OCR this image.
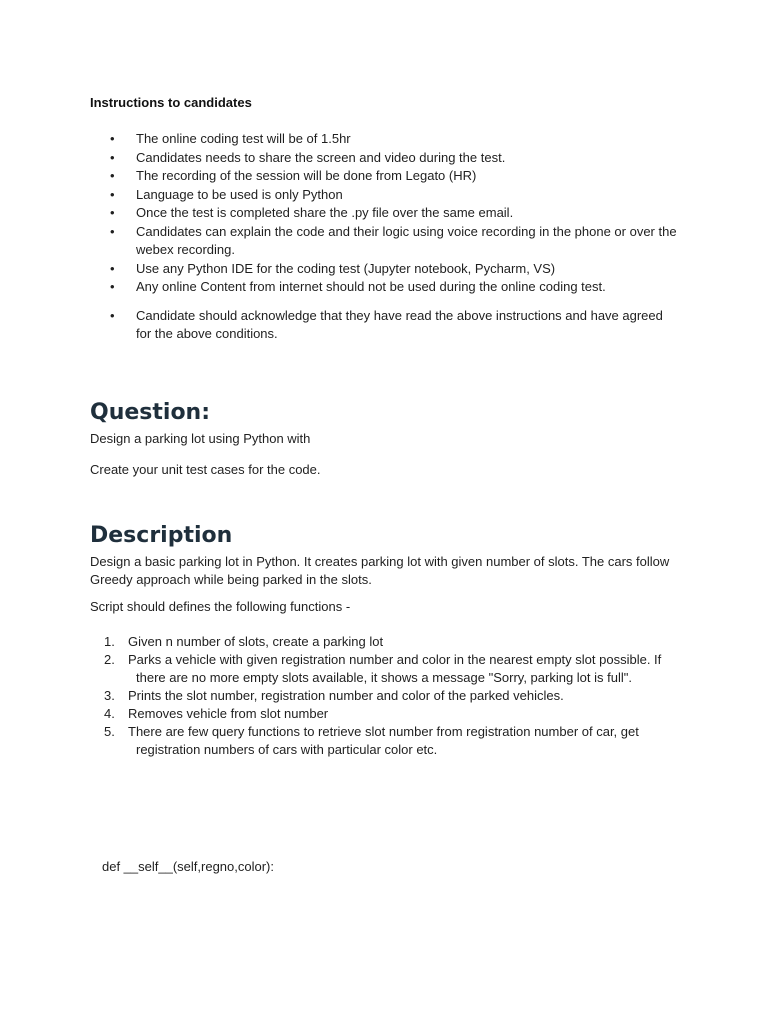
Instructions to candidates
• The online coding test will be of 1.5hr
• Candidates needs to share the screen and video during the test.
• The recording of the session will be done from Legato (HR)
• Language to be used is only Python
• Once the test is completed share the .py file over the same email.
• Candidates can explain the code and their logic using voice recording in the phone or over the webex recording.
• Use any Python IDE for the coding test (Jupyter notebook, Pycharm, VS)
• Any online Content from internet should not be used during the online coding test.
• Candidate should acknowledge that they have read the above instructions and have agreed for the above conditions.
Question:
Design a parking lot using Python with
Create your unit test cases for the code.
Description
Design a basic parking lot in Python. It creates parking lot with given number of slots. The cars follow Greedy approach while being parked in the slots.
Script should defines the following functions -
1. Given n number of slots, create a parking lot
2. Parks a vehicle with given registration number and color in the nearest empty slot possible. If there are no more empty slots available, it shows a message "Sorry, parking lot is full".
3. Prints the slot number, registration number and color of the parked vehicles.
4. Removes vehicle from slot number
5. There are few query functions to retrieve slot number from registration number of car, get registration numbers of cars with particular color etc.
def __self__(self,regno,color):
